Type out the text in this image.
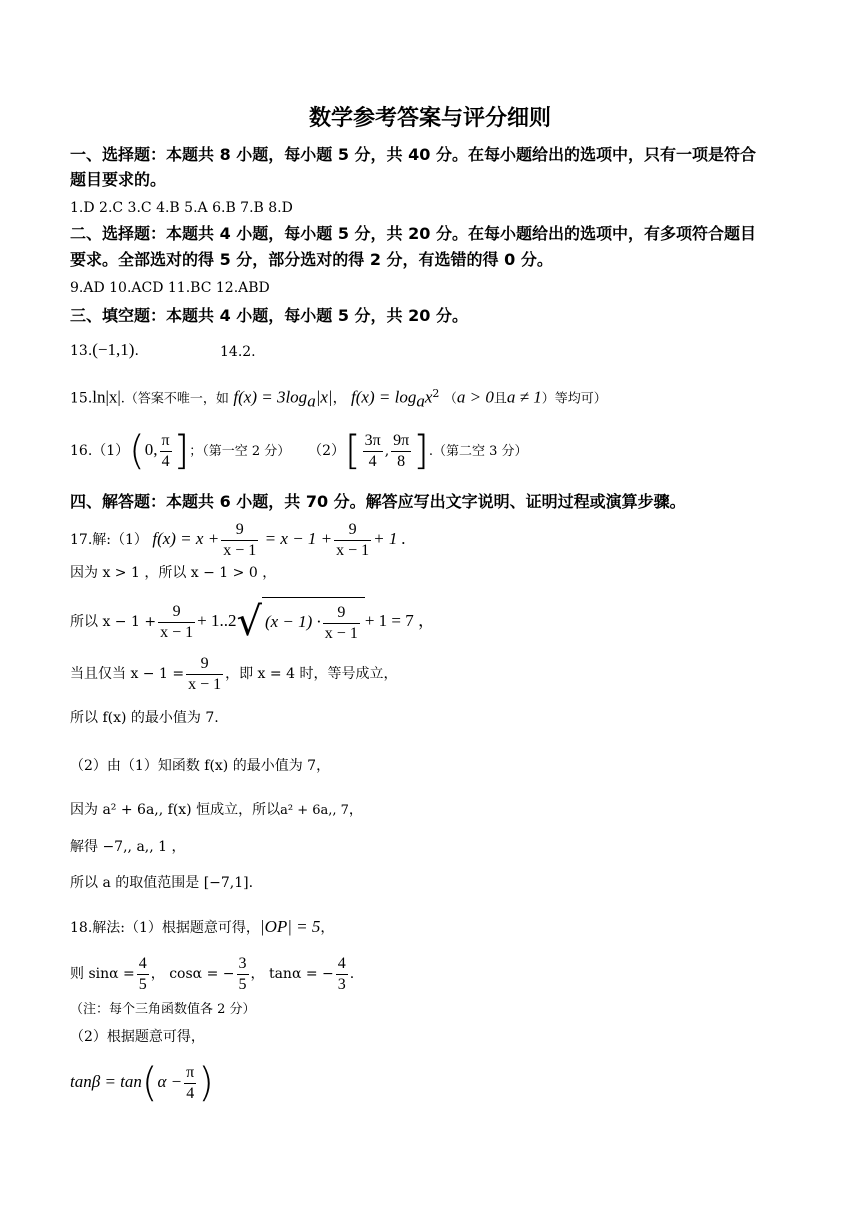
数学参考答案与评分细则
一、选择题：本题共 8 小题，每小题 5 分，共 40 分。在每小题给出的选项中，只有一项是符合
题目要求的。
1.D 2.C 3.C 4.B 5.A 6.B 7.B 8.D
二、选择题：本题共 4 小题，每小题 5 分，共 20 分。在每小题给出的选项中，有多项符合题目
要求。全部选对的得 5 分，部分选对的得 2 分，有选错的得 0 分。
9.AD 10.ACD 11.BC 12.ABD
三、填空题：本题共 4 小题，每小题 5 分，共 20 分。
13.(−1,1).	14.2.
15.ln|x|.（答案不唯一，如 $f(x) = 3\log_a|x|$， $f(x) = \log_ax^2$ （a > 0且a ≠ 1）等均可）
16.（1）(0, $\frac{\pi}{4}$ ]；（第一空 2 分） $(2)[ \frac{3\pi}{4}$ , $\frac{9\pi}{8}$ ].（第二空 3 分）
四、解答题：本题共 6 小题，共 70 分。解答应写出文字说明、证明过程或演算步骤。
17.解:（1） $f(x) = x + \frac{9}{x - 1} = x - 1 + \frac{9}{x - 1} + 1$ .
因为 x > 1 ，所以 x − 1 > 0 ，
所以 $x - 1 + \frac{9}{x - 1} + 1..2√$ $(x - 1) \cdot \frac{9}{x - 1} + 1 = 7$ ，
当且仅当 $x - 1 = \frac{9}{x - 1}$ ，即 x = 4 时，等号成立，
所以 f(x) 的最小值为 7.
（2）由（1）知函数 f(x) 的最小值为 7，
因为 a² + 6a,, f(x) 恒成立，所以a² + 6a,, 7，
解得 −7,, a,, 1 ，
所以 a 的取值范围是 [−7,1].
18.解法:（1）根据题意可得，|OP| = 5，
则 $\sin\alpha = \frac{4}{5}$ ， cosα = − $\frac{3}{5}$ ， tanα = − $\frac{4}{3}$ .
（注：每个三角函数值各 2 分）
（2）根据题意可得，
$\tan\beta = \tan(\alpha - \frac{\pi}{4}$ )
